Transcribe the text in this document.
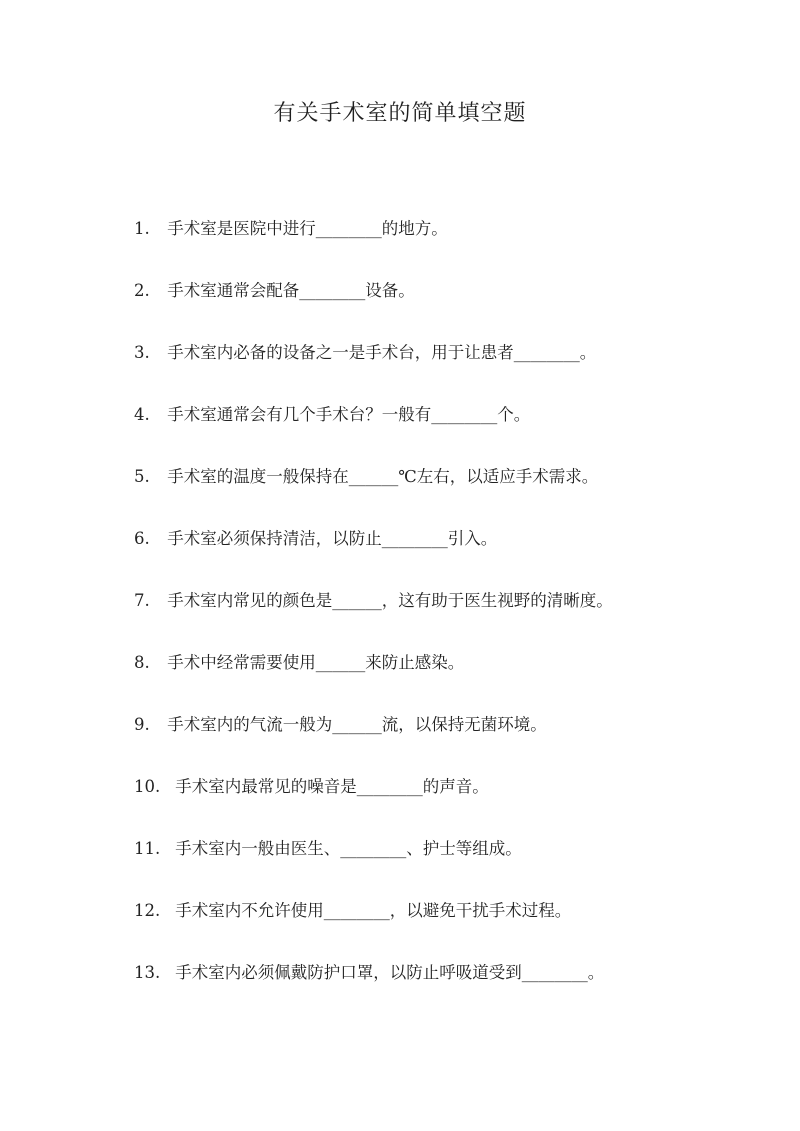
有关手术室的简单填空题
1. 手术室是医院中进行________的地方。
2. 手术室通常会配备________设备。
3. 手术室内必备的设备之一是手术台，用于让患者________。
4. 手术室通常会有几个手术台？一般有________个。
5. 手术室的温度一般保持在______℃左右，以适应手术需求。
6. 手术室必须保持清洁，以防止________引入。
7. 手术室内常见的颜色是______，这有助于医生视野的清晰度。
8. 手术中经常需要使用______来防止感染。
9. 手术室内的气流一般为______流，以保持无菌环境。
10. 手术室内最常见的噪音是________的声音。
11. 手术室内一般由医生、________、护士等组成。
12. 手术室内不允许使用________，以避免干扰手术过程。
13. 手术室内必须佩戴防护口罩，以防止呼吸道受到________。
